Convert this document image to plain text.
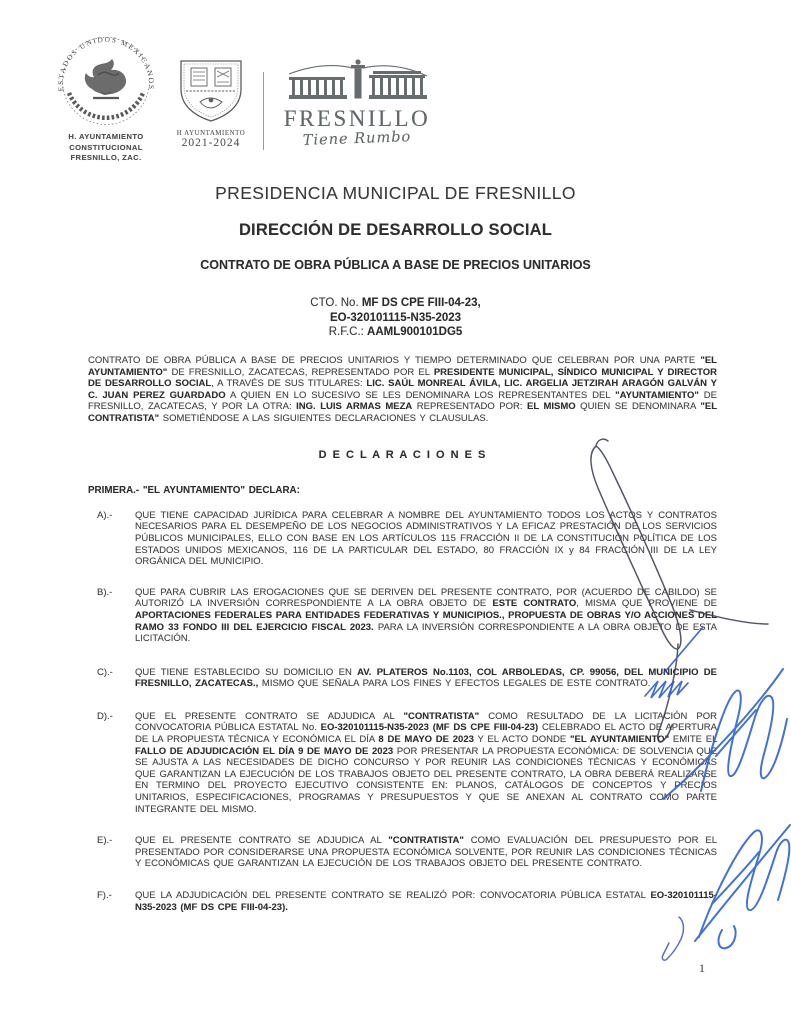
ESTADOS UNIDOS MEXICANOS
H. AYUNTAMIENTO
CONSTITUCIONAL
FRESNILLO, ZAC.
H AYUNTAMIENTO
2021-2024
FRESNILLO
Tiene Rumbo
PRESIDENCIA MUNICIPAL DE FRESNILLO
DIRECCIÓN DE DESARROLLO SOCIAL
CONTRATO DE OBRA PÚBLICA A BASE DE PRECIOS UNITARIOS
CTO. No. MF DS CPE FIII-04-23,
EO-320101115-N35-2023
R.F.C.: AAML900101DG5
CONTRATO DE OBRA PÚBLICA A BASE DE PRECIOS UNITARIOS Y TIEMPO DETERMINADO QUE CELEBRAN POR UNA PARTE "EL AYUNTAMIENTO" DE FRESNILLO, ZACATECAS, REPRESENTADO POR EL PRESIDENTE MUNICIPAL, SÍNDICO MUNICIPAL Y DIRECTOR DE DESARROLLO SOCIAL, A TRAVÉS DE SUS TITULARES: LIC. SAÚL MONREAL ÁVILA, LIC. ARGELIA JETZIRAH ARAGÓN GALVÁN Y C. JUAN PEREZ GUARDADO A QUIEN EN LO SUCESIVO SE LES DENOMINARA LOS REPRESENTANTES DEL "AYUNTAMIENTO" DE FRESNILLO, ZACATECAS, Y POR LA OTRA: ING. LUIS ARMAS MEZA REPRESENTADO POR: EL MISMO QUIEN SE DENOMINARA "EL CONTRATISTA" SOMETIÉNDOSE A LAS SIGUIENTES DECLARACIONES Y CLAUSULAS.
D E C L A R A C I O N E S
PRIMERA.- "EL AYUNTAMIENTO" DECLARA:
A).- QUE TIENE CAPACIDAD JURÍDICA PARA CELEBRAR A NOMBRE DEL AYUNTAMIENTO TODOS LOS ACTOS Y CONTRATOS NECESARIOS PARA EL DESEMPEÑO DE LOS NEGOCIOS ADMINISTRATIVOS Y LA EFICAZ PRESTACIÓN DE LOS SERVICIOS PÚBLICOS MUNICIPALES, ELLO CON BASE EN LOS ARTÍCULOS 115 FRACCIÓN II DE LA CONSTITUCIÓN POLÍTICA DE LOS ESTADOS UNIDOS MEXICANOS, 116 DE LA PARTICULAR DEL ESTADO, 80 FRACCIÓN IX y 84 FRACCIÓN III DE LA LEY ORGÁNICA DEL MUNICIPIO.
B).- QUE PARA CUBRIR LAS EROGACIONES QUE SE DERIVEN DEL PRESENTE CONTRATO, POR (ACUERDO DE CABILDO) SE AUTORIZÓ LA INVERSIÓN CORRESPONDIENTE A LA OBRA OBJETO DE ESTE CONTRATO, MISMA QUE PROVIENE DE APORTACIONES FEDERALES PARA ENTIDADES FEDERATIVAS Y MUNICIPIOS., PROPUESTA DE OBRAS Y/O ACCIONES DEL RAMO 33 FONDO III DEL EJERCICIO FISCAL 2023. PARA LA INVERSIÓN CORRESPONDIENTE A LA OBRA OBJETO DE ESTA LICITACIÓN.
C).- QUE TIENE ESTABLECIDO SU DOMICILIO EN AV. PLATEROS No.1103, COL ARBOLEDAS, CP. 99056, DEL MUNICIPIO DE FRESNILLO, ZACATECAS., MISMO QUE SEÑALA PARA LOS FINES Y EFECTOS LEGALES DE ESTE CONTRATO.
D).- QUE EL PRESENTE CONTRATO SE ADJUDICA AL "CONTRATISTA" COMO RESULTADO DE LA LICITACIÓN POR CONVOCATORIA PÚBLICA ESTATAL No. EO-320101115-N35-2023 (MF DS CPE FIII-04-23) CELEBRADO EL ACTO DE APERTURA DE LA PROPUESTA TÉCNICA Y ECONÓMICA EL DÍA 8 DE MAYO DE 2023 Y EL ACTO DONDE "EL AYUNTAMIENTO" EMITE EL FALLO DE ADJUDICACIÓN EL DÍA 9 DE MAYO DE 2023 POR PRESENTAR LA PROPUESTA ECONÓMICA: DE SOLVENCIA QUE SE AJUSTA A LAS NECESIDADES DE DICHO CONCURSO Y POR REUNIR LAS CONDICIONES TÉCNICAS Y ECONÓMICAS QUE GARANTIZAN LA EJECUCIÓN DE LOS TRABAJOS OBJETO DEL PRESENTE CONTRATO, LA OBRA DEBERÁ REALIZARSE EN TERMINO DEL PROYECTO EJECUTIVO CONSISTENTE EN: PLANOS, CATÁLOGOS DE CONCEPTOS Y PRECIOS UNITARIOS, ESPECIFICACIONES, PROGRAMAS Y PRESUPUESTOS Y QUE SE ANEXAN AL CONTRATO COMO PARTE INTEGRANTE DEL MISMO.
E).- QUE EL PRESENTE CONTRATO SE ADJUDICA AL "CONTRATISTA" COMO EVALUACIÓN DEL PRESUPUESTO POR EL PRESENTADO POR CONSIDERARSE UNA PROPUESTA ECONÓMICA SOLVENTE, POR REUNIR LAS CONDICIONES TÉCNICAS Y ECONÓMICAS QUE GARANTIZAN LA EJECUCIÓN DE LOS TRABAJOS OBJETO DEL PRESENTE CONTRATO.
F).- QUE LA ADJUDICACIÓN DEL PRESENTE CONTRATO SE REALIZÓ POR: CONVOCATORIA PÚBLICA ESTATAL EO-320101115-N35-2023 (MF DS CPE FIII-04-23).
1
